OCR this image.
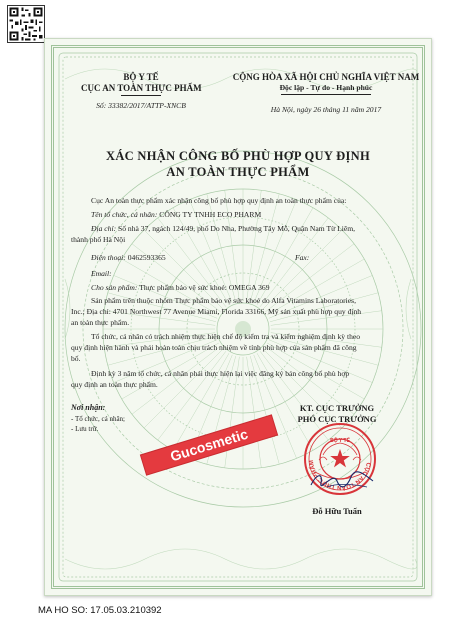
BỘ Y TẾ
CỤC AN TOÀN THỰC PHẨM
Số: 33382/2017/ATTP-XNCB
CỘNG HÒA XÃ HỘI CHỦ NGHĨA VIỆT NAM
Độc lập - Tự do - Hạnh phúc
Hà Nội, ngày 26 tháng 11 năm 2017
XÁC NHẬN CÔNG BỐ PHÙ HỢP QUY ĐỊNH
AN TOÀN THỰC PHẨM
Cục An toàn thực phẩm xác nhận công bố phù hợp quy định an toàn thực phẩm của:
Tên tổ chức, cá nhân: CÔNG TY TNHH ECO PHARM
Địa chỉ: Số nhà 37, ngách 124/49, phố Do Nha, Phường Tây Mỗ, Quận Nam Từ Liêm,
thành phố Hà Nội
Điện thoại: 0462593365	Fax:
Email:
Cho sản phẩm: Thực phẩm bảo vệ sức khoẻ: OMEGA 369
Sản phẩm trên thuộc nhóm Thực phẩm bảo vệ sức khoẻ do Alfa Vitamins Laboratories,
Inc.; Địa chỉ: 4701 Northwest 77 Avenue Miami, Florida 33166, Mỹ sản xuất phù hợp quy định
an toàn thực phẩm.
Tổ chức, cá nhân có trách nhiệm thực hiện chế độ kiểm tra và kiểm nghiệm định kỳ theo
quy định hiện hành và phải hoàn toàn chịu trách nhiệm về tính phù hợp của sản phẩm đã công
bố.
Định kỳ 3 năm tổ chức, cá nhân phải thực hiện lại việc đăng ký bản công bố phù hợp
quy định an toàn thực phẩm.
Nơi nhận:
- Tổ chức, cá nhân;
- Lưu trữ.
KT. CỤC TRƯỞNG
PHÓ CỤC TRƯỞNG
CỤC AN TOÀN THỰC PHẨM
BỘ Y TẾ
Đỗ Hữu Tuấn
Gucosmetic
MA HO SO: 17.05.03.210392
